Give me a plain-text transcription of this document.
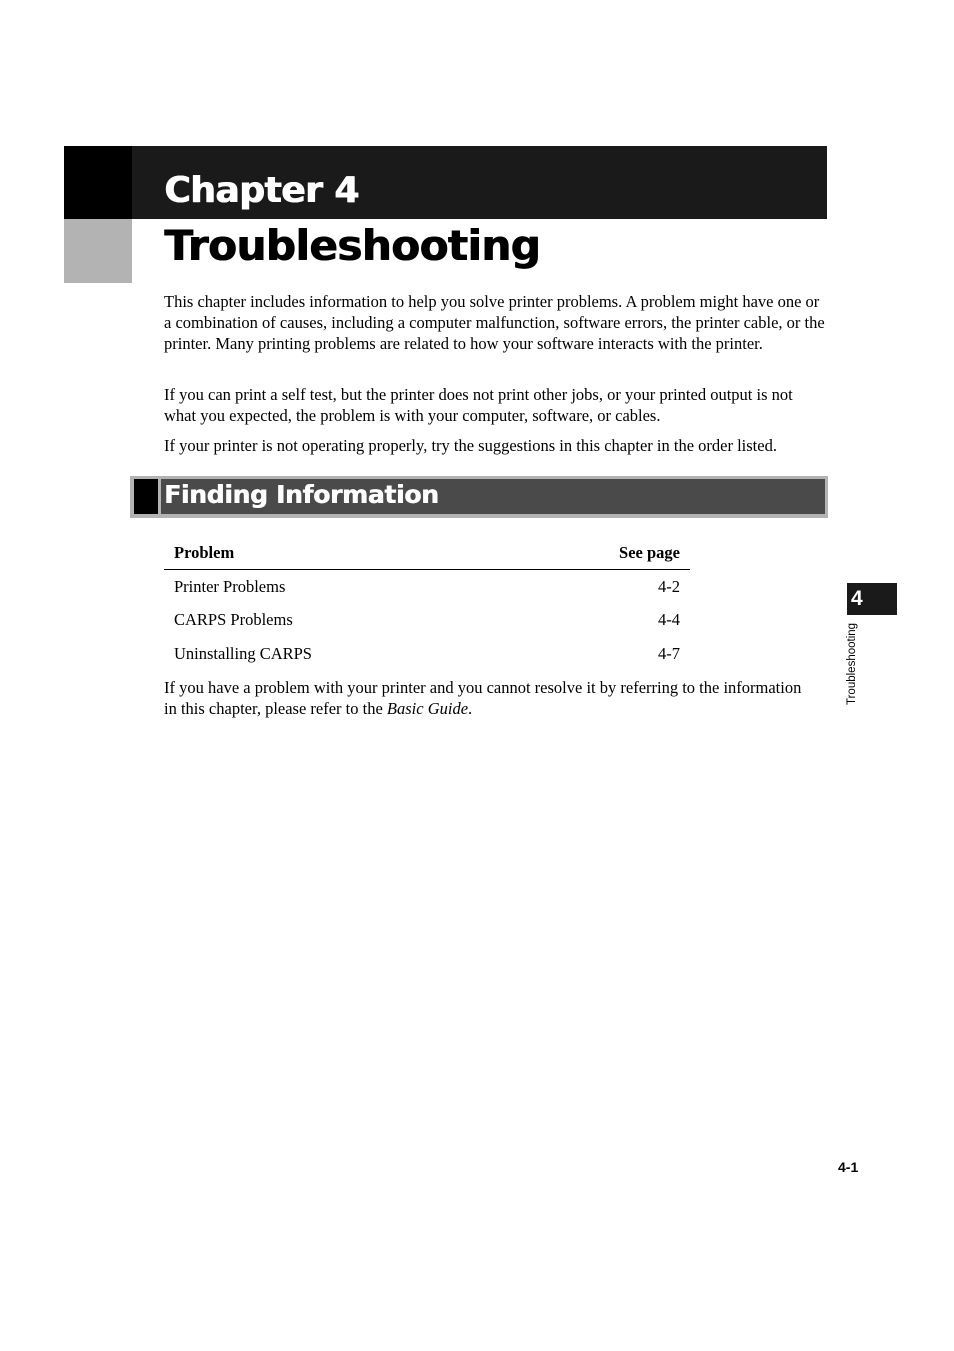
Chapter 4
Troubleshooting

This chapter includes information to help you solve printer problems. A problem might have one or a combination of causes, including a computer malfunction, software errors, the printer cable, or the printer. Many printing problems are related to how your software interacts with the printer.

If you can print a self test, but the printer does not print other jobs, or your printed output is not what you expected, the problem is with your computer, software, or cables.

If your printer is not operating properly, try the suggestions in this chapter in the order listed.

Finding Information
Problem	See page
Printer Problems	4-2
CARPS Problems	4-4
Uninstalling CARPS	4-7

If you have a problem with your printer and you cannot resolve it by referring to the information in this chapter, please refer to the Basic Guide.

4
Troubleshooting
4-1
